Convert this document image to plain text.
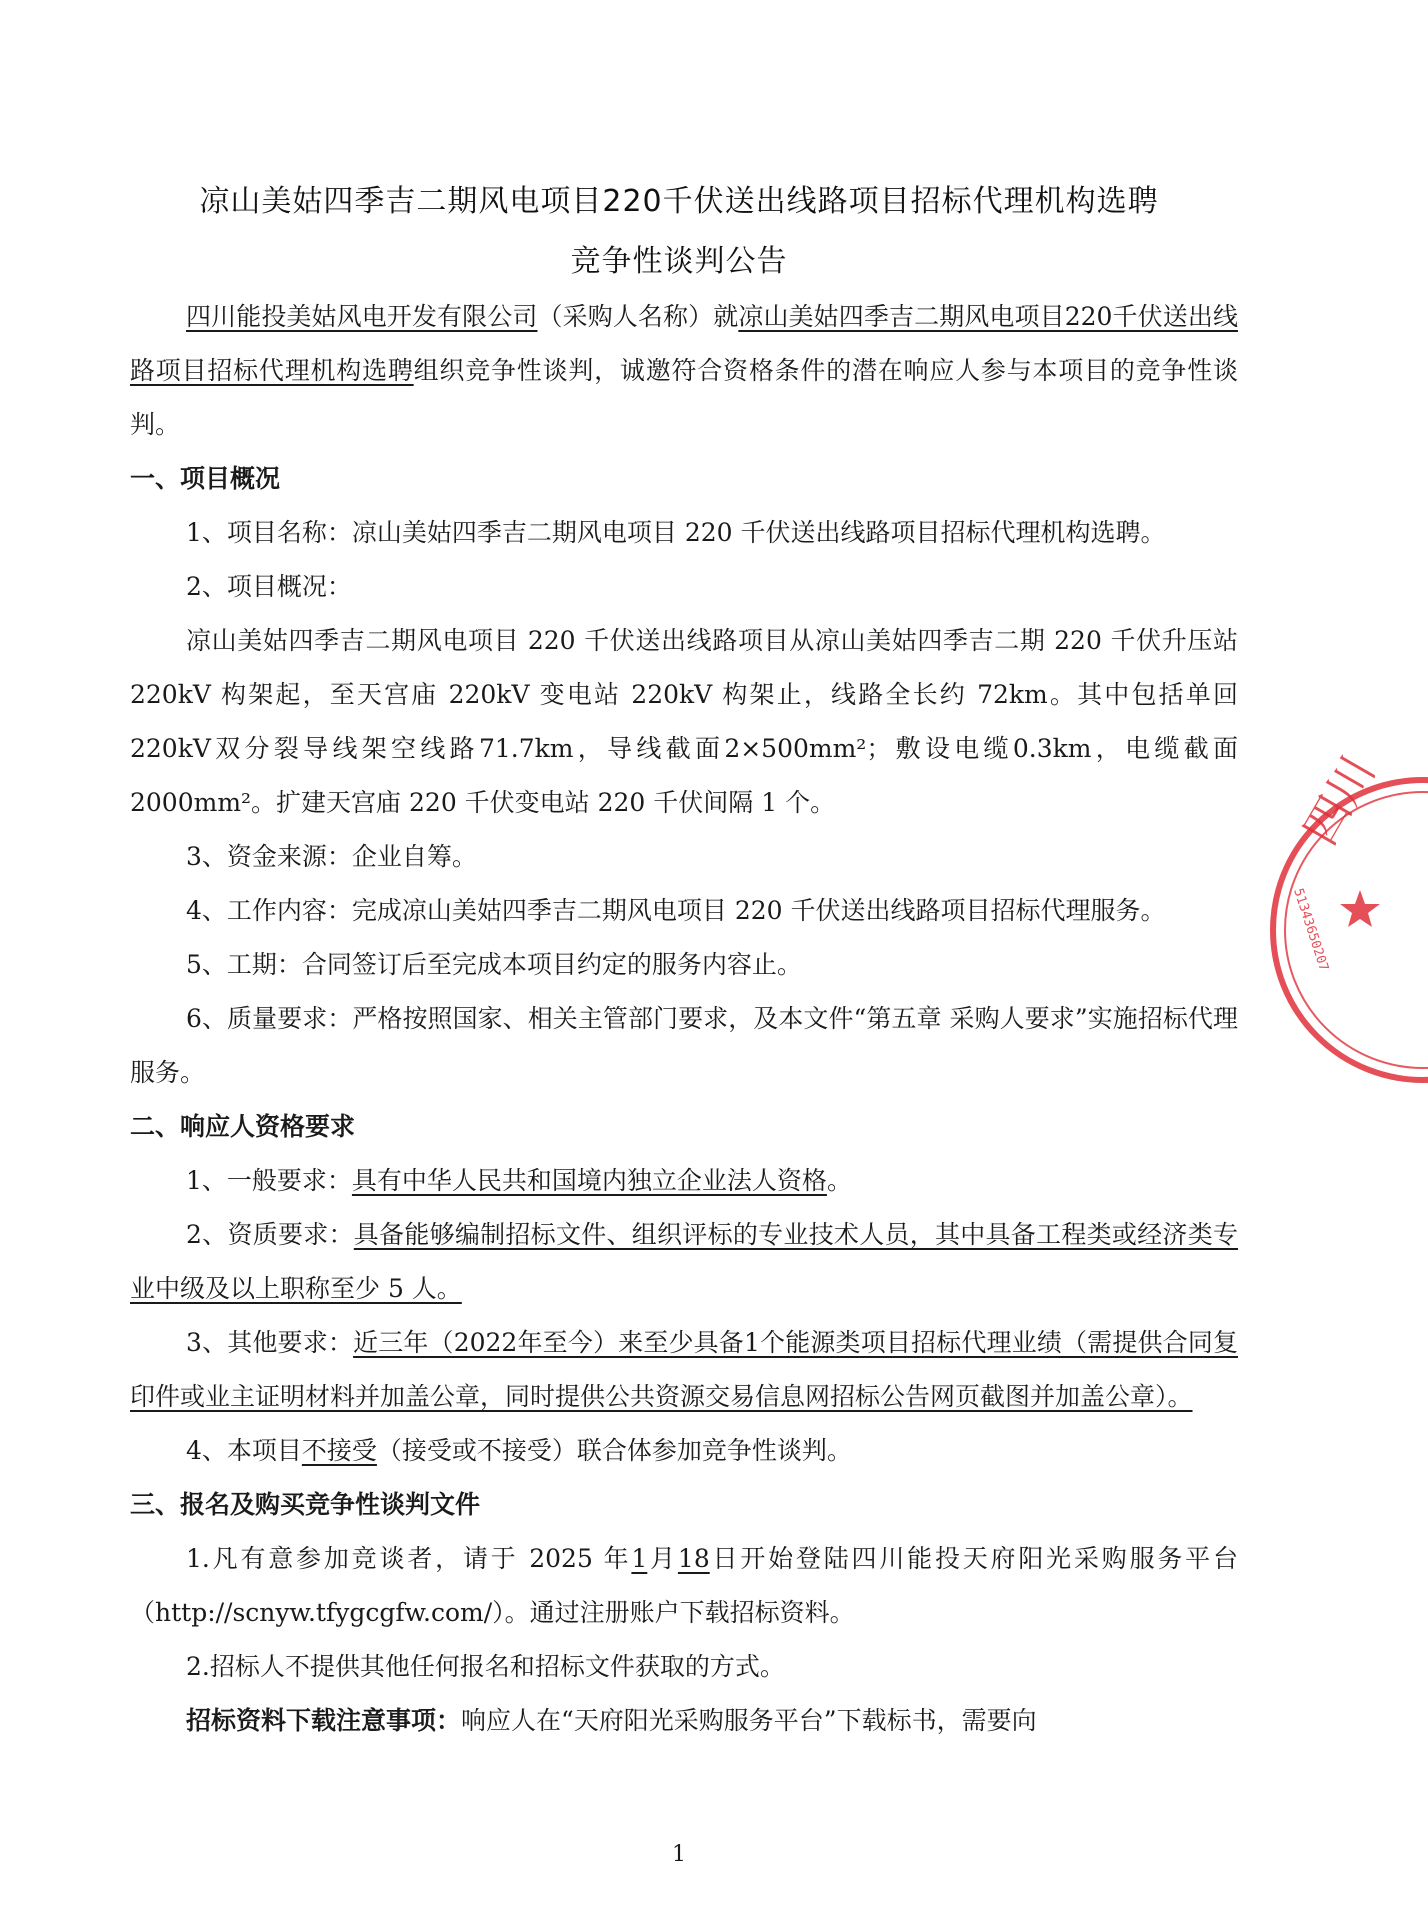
凉山美姑四季吉二期风电项目220千伏送出线路项目招标代理机构选聘
竞争性谈判公告

四川能投美姑风电开发有限公司（采购人名称）就凉山美姑四季吉二期风电项目220千伏送出线路项目招标代理机构选聘组织竞争性谈判，诚邀符合资格条件的潜在响应人参与本项目的竞争性谈判。

一、项目概况

1、项目名称：凉山美姑四季吉二期风电项目 220 千伏送出线路项目招标代理机构选聘。

2、项目概况：

凉山美姑四季吉二期风电项目 220 千伏送出线路项目从凉山美姑四季吉二期 220 千伏升压站 220kV 构架起，至天宫庙 220kV 变电站 220kV 构架止，线路全长约 72km。其中包括单回220kV双分裂导线架空线路71.7km，导线截面2×500mm²；敷设电缆0.3km，电缆截面2000mm²。扩建天宫庙 220 千伏变电站 220 千伏间隔 1 个。

3、资金来源：企业自筹。

4、工作内容：完成凉山美姑四季吉二期风电项目 220 千伏送出线路项目招标代理服务。

5、工期：合同签订后至完成本项目约定的服务内容止。

6、质量要求：严格按照国家、相关主管部门要求，及本文件“第五章 采购人要求”实施招标代理服务。

二、响应人资格要求

1、一般要求：具有中华人民共和国境内独立企业法人资格。

2、资质要求：具备能够编制招标文件、组织评标的专业技术人员，其中具备工程类或经济类专业中级及以上职称至少 5 人。

3、其他要求：近三年（2022年至今）来至少具备1个能源类项目招标代理业绩（需提供合同复印件或业主证明材料并加盖公章，同时提供公共资源交易信息网招标公告网页截图并加盖公章）。

4、本项目不接受（接受或不接受）联合体参加竞争性谈判。

三、报名及购买竞争性谈判文件

1.凡有意参加竞谈者，请于 2025 年1月18日开始登陆四川能投天府阳光采购服务平台（http://scnyw.tfygcgfw.com/）。通过注册账户下载招标资料。

2.招标人不提供其他任何报名和招标文件获取的方式。

招标资料下载注意事项：响应人在“天府阳光采购服务平台”下载标书，需要向

1
四川
51343650207
